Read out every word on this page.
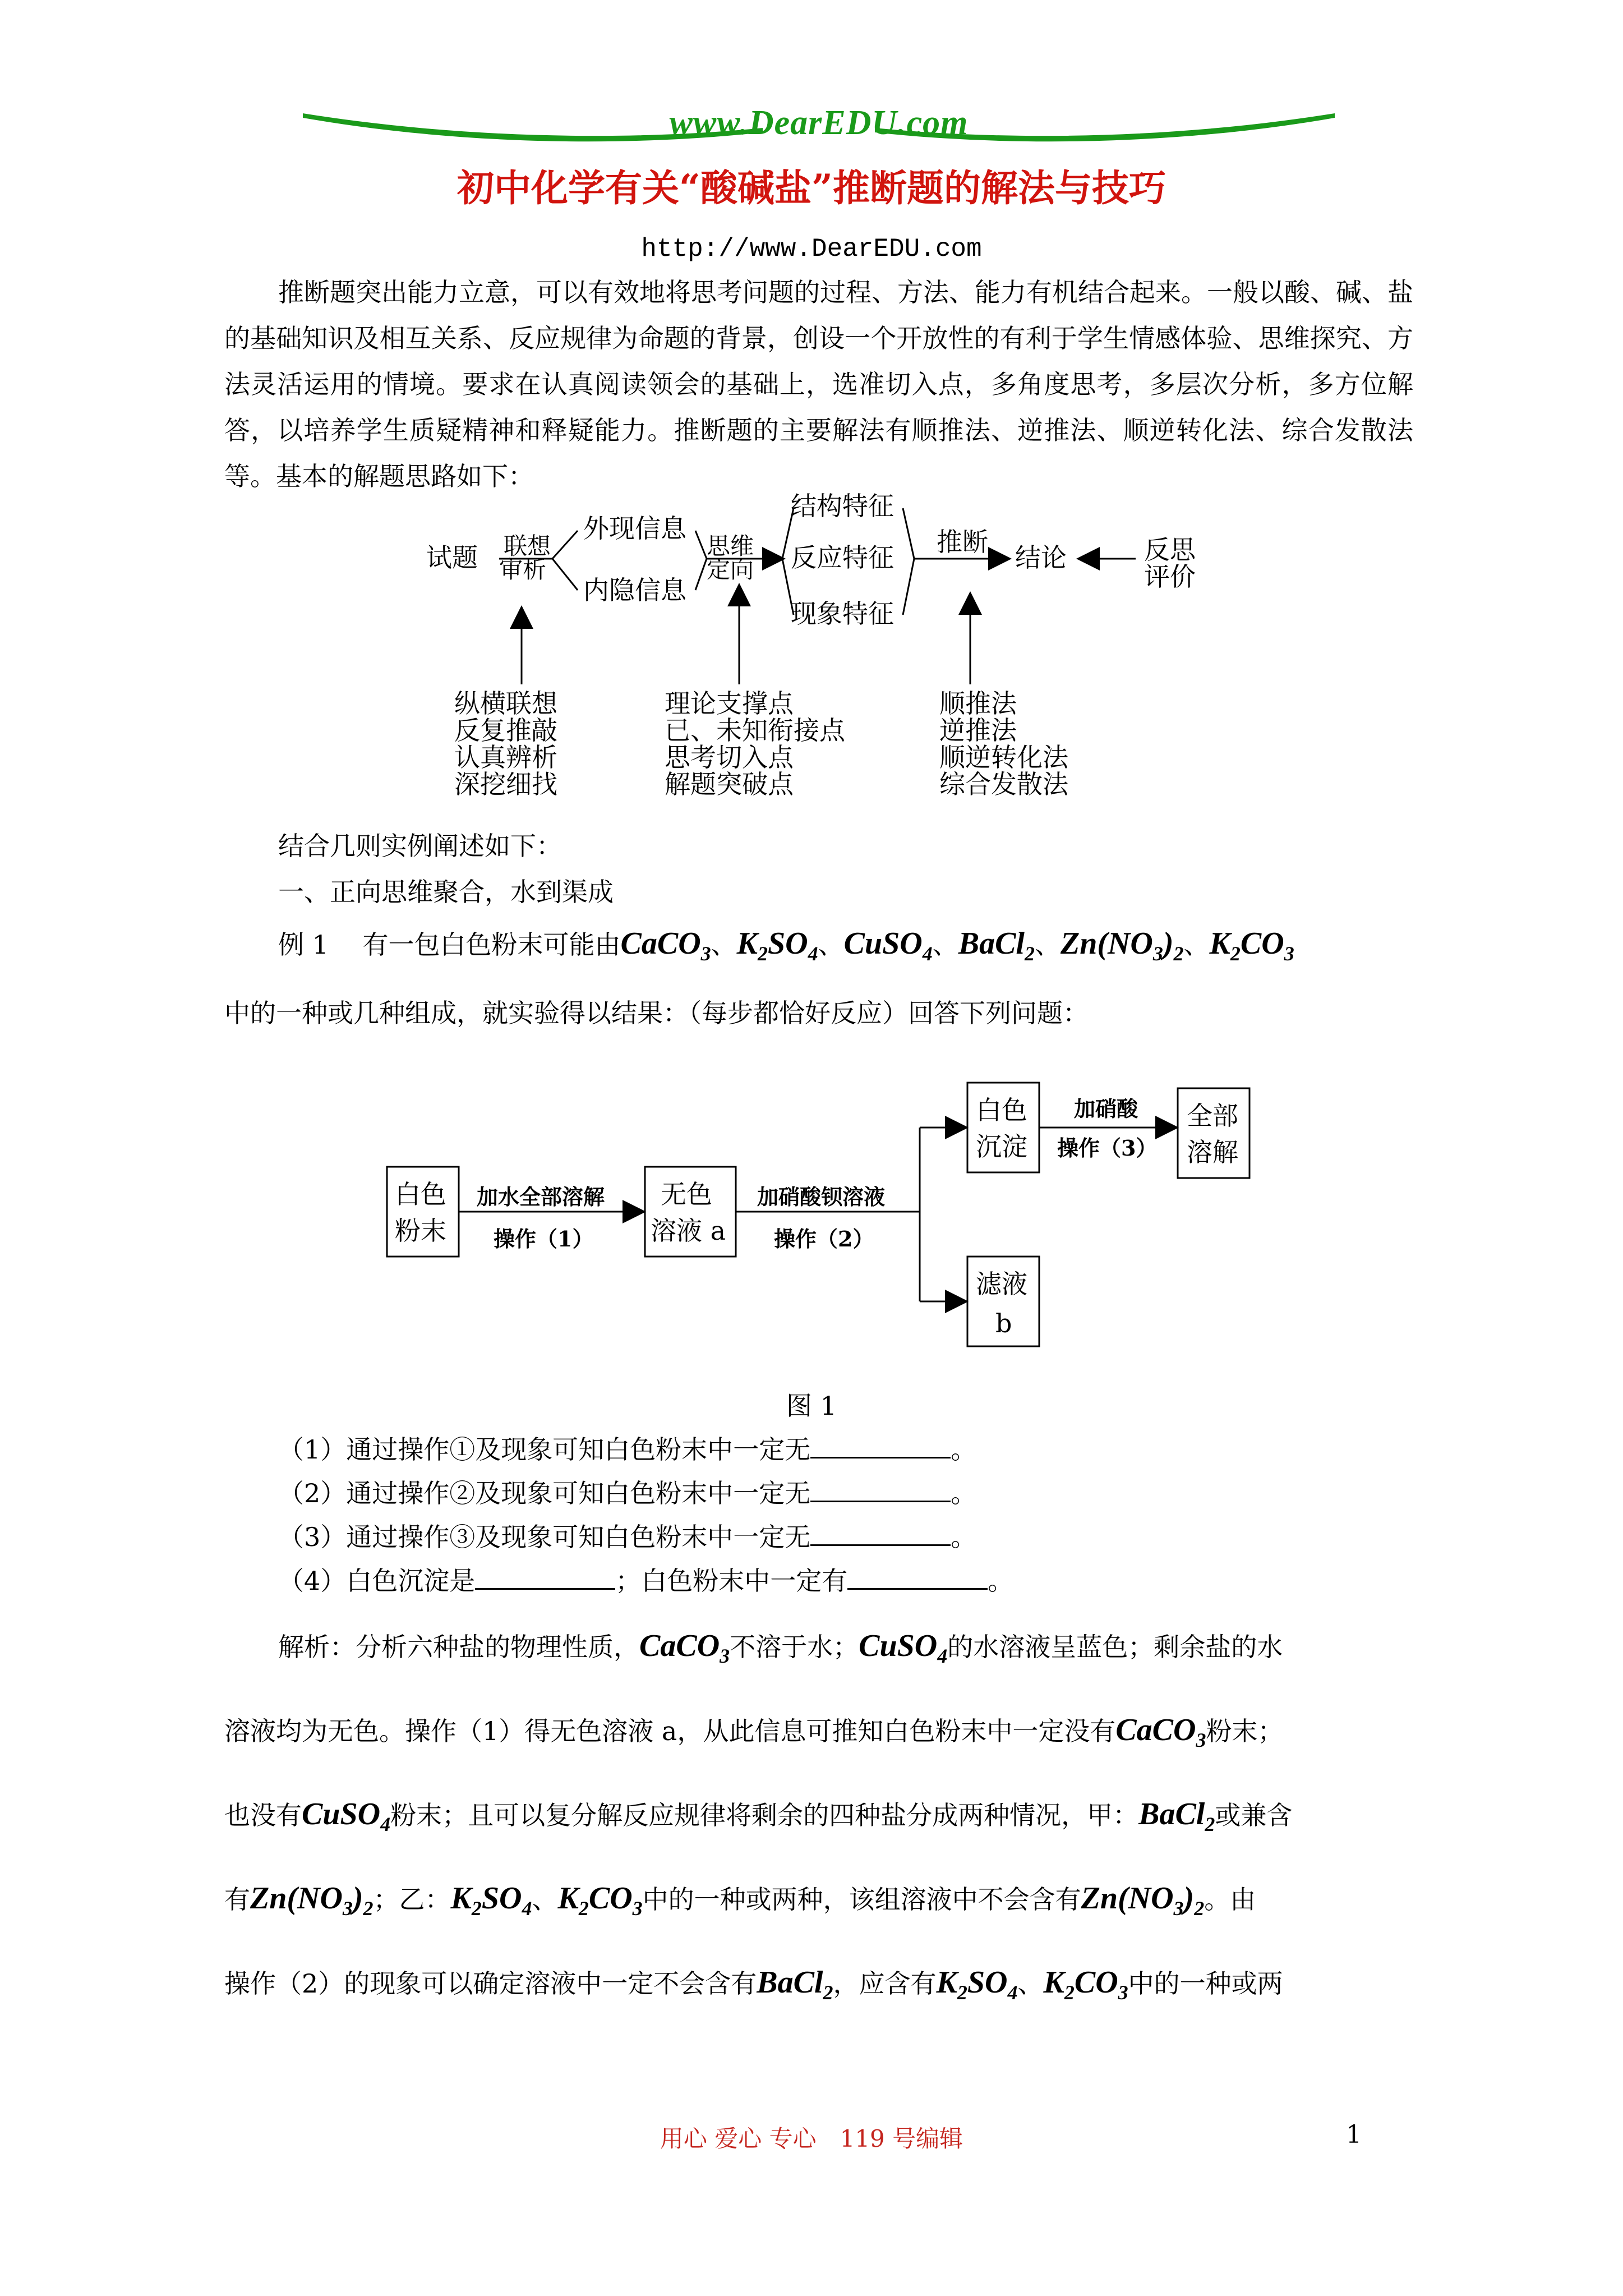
www.DearEDU.com
初中化学有关“酸碱盐”推断题的解法与技巧
http://www.DearEDU.com
推断题突出能力立意，可以有效地将思考问题的过程、方法、能力有机结合起来。一般以酸、碱、盐的基础知识及相互关系、反应规律为命题的背景，创设一个开放性的有利于学生情感体验、思维探究、方法灵活运用的情境。要求在认真阅读领会的基础上，选准切入点，多角度思考，多层次分析，多方位解答，以培养学生质疑精神和释疑能力。推断题的主要解法有顺推法、逆推法、顺逆转化法、综合发散法等。基本的解题思路如下：
试题 联想
审析
外现信息
内隐信息
思维
定向
结构特征
反应特征
现象特征
推断
结论	反思
评价
纵横联想
反复推敲
认真辨析
深挖细找
理论支撑点
已、未知衔接点
思考切入点
解题突破点
顺推法
逆推法
顺逆转化法
综合发散法
结合几则实例阐述如下：
一、正向思维聚合，水到渠成
例 1　 有一包白色粉末可能由CaCO$_3$、$K_2SO_4$、CuSO$_4$、BaCl$_2$、$Zn(NO_3)_2$、$K_2CO_3$
中的一种或几种组成，就实验得以结果：（每步都恰好反应）回答下列问题：
白色
粉末
无色
溶液 a
白色
沉淀
全部
溶解
滤液
b
加水全部溶解
操作（1）
加硝酸钡溶液
操作（2）
加硝酸
操作（3）
图 1
（1）通过操作①及现象可知白色粉末中一定无	。
（2）通过操作②及现象可知白色粉末中一定无	。
（3）通过操作③及现象可知白色粉末中一定无	。
（4）白色沉淀是	；白色粉末中一定有	。
解析：分析六种盐的物理性质，CaCO$_3$不溶于水；CuSO$_4$的水溶液呈蓝色；剩余盐的水
溶液均为无色。操作（1）得无色溶液 a，从此信息可推知白色粉末中一定没有CaCO$_3$粉末；
也没有CuSO$_4$粉末；且可以复分解反应规律将剩余的四种盐分成两种情况，甲：BaCl$_2$或兼含
有$Zn(NO_3)_2$；乙：$K_2SO_4$、$K_2CO_3$中的一种或两种，该组溶液中不会含有$Zn(NO_3)_2$。由
操作（2）的现象可以确定溶液中一定不会含有BaCl$_2$，应含有$K_2SO_4$、$K_2CO_3$中的一种或两
用心 爱心 专心　119 号编辑	1
